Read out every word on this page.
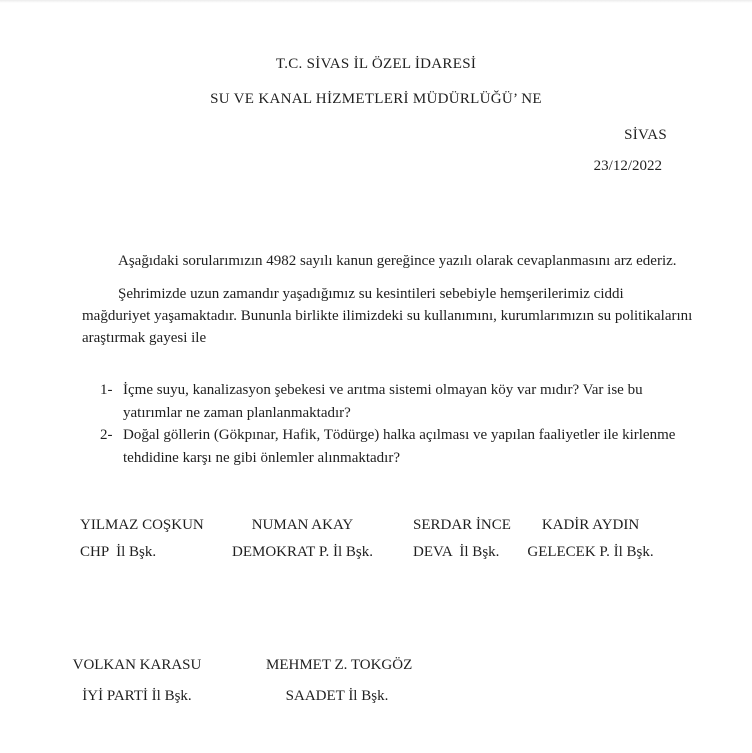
T.C. SİVAS İL ÖZEL İDARESİ
SU VE KANAL HİZMETLERİ MÜDÜRLÜĞÜ’ NE
SİVAS
23/12/2022
Aşağıdaki sorularımızın 4982 sayılı kanun gereğince yazılı olarak cevaplanmasını arz ederiz.
Şehrimizde uzun zamandır yaşadığımız su kesintileri sebebiyle hemşerilerimiz ciddi
mağduriyet yaşamaktadır. Bununla birlikte ilimizdeki su kullanımını, kurumlarımızın su politikalarını
araştırmak gayesi ile
1- İçme suyu, kanalizasyon şebekesi ve arıtma sistemi olmayan köy var mıdır? Var ise bu
yatırımlar ne zaman planlanmaktadır?
2- Doğal göllerin (Gökpınar, Hafik, Tödürge) halka açılması ve yapılan faaliyetler ile kirlenme
tehdidine karşı ne gibi önlemler alınmaktadır?
YILMAZ COŞKUN
CHP  İl Bşk.
NUMAN AKAY
DEMOKRAT P. İl Bşk.
SERDAR İNCE
DEVA  İl Bşk.
KADİR AYDIN
GELECEK P. İl Bşk.
VOLKAN KARASU
İYİ PARTİ İl Bşk.
MEHMET Z. TOKGÖZ
SAADET İl Bşk.
